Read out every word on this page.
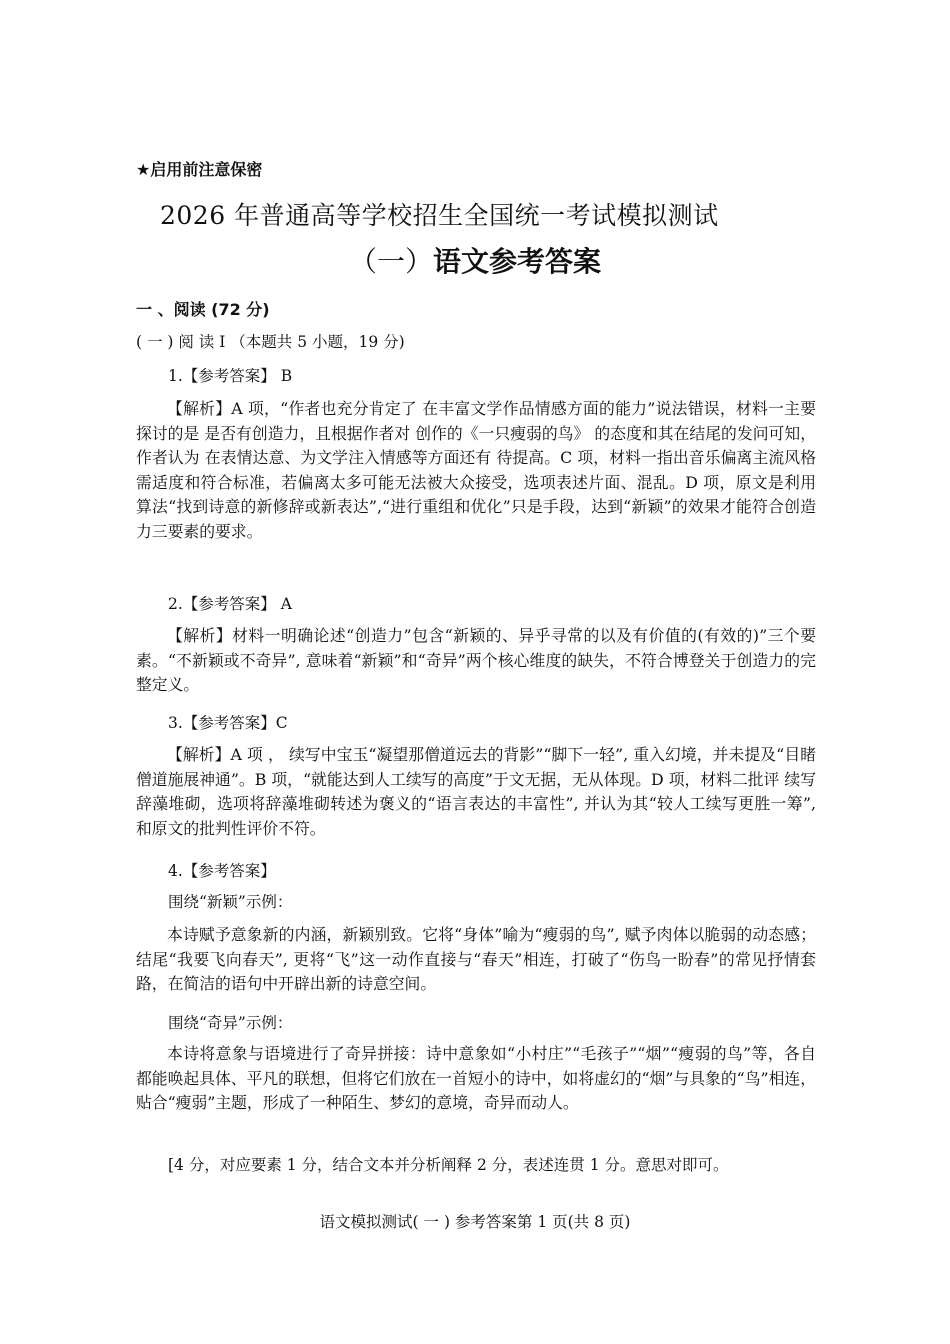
★启用前注意保密
2026 年普通高等学校招生全国统一考试模拟测试
（一）语文参考答案
一 、阅读 (72 分)
( 一 ) 阅 读 I （本题共 5 小题，19 分)
1.【参考答案】 B

【解析】A 项，“作者也充分肯定了 在丰富文学作品情感方面的能力”说法错误，材料一主要探讨的是 是否有创造力，且根据作者对 创作的《一只瘦弱的鸟》 的态度和其在结尾的发问可知，作者认为 在表情达意、为文学注入情感等方面还有 待提高。C 项，材料一指出音乐偏离主流风格需适度和符合标准，若偏离太多可能无法被大众接受，选项表述片面、混乱。D 项，原文是利用算法“找到诗意的新修辞或新表达”,“进行重组和优化”只是手段，达到“新颖”的效果才能符合创造力三要素的要求。

2.【参考答案】 A

【解析】材料一明确论述“创造力”包含“新颖的、异乎寻常的以及有价值的(有效的)”三个要素。“不新颖或不奇异”, 意味着“新颖”和“奇异”两个核心维度的缺失，不符合博登关于创造力的完整定义。

3.【参考答案】C

【解析】A 项 ， 续写中宝玉“凝望那僧道远去的背影”“脚下一轻”, 重入幻境，并未提及“目睹僧道施展神通”。B 项，“就能达到人工续写的高度”于文无据，无从体现。D 项，材料二批评 续写辞藻堆砌，选项将辞藻堆砌转述为褒义的“语言表达的丰富性”, 并认为其“较人工续写更胜一筹”, 和原文的批判性评价不符。

4.【参考答案】
围绕“新颖”示例：

本诗赋予意象新的内涵，新颖别致。它将“身体”喻为“瘦弱的鸟”, 赋予肉体以脆弱的动态感；结尾“我要飞向春天”, 更将“飞”这一动作直接与“春天”相连，打破了“伤鸟一盼春”的常见抒情套路，在简洁的语句中开辟出新的诗意空间。

围绕“奇异”示例：

本诗将意象与语境进行了奇异拼接：诗中意象如“小村庄”“毛孩子”“烟”“瘦弱的鸟”等，各自都能唤起具体、平凡的联想，但将它们放在一首短小的诗中，如将虚幻的“烟”与具象的“鸟”相连，贴合“瘦弱”主题，形成了一种陌生、梦幻的意境，奇异而动人。

[4 分，对应要素 1 分，结合文本并分析阐释 2 分，表述连贯 1 分。意思对即可。

语文模拟测试( 一 ) 参考答案第 1 页(共 8 页)
